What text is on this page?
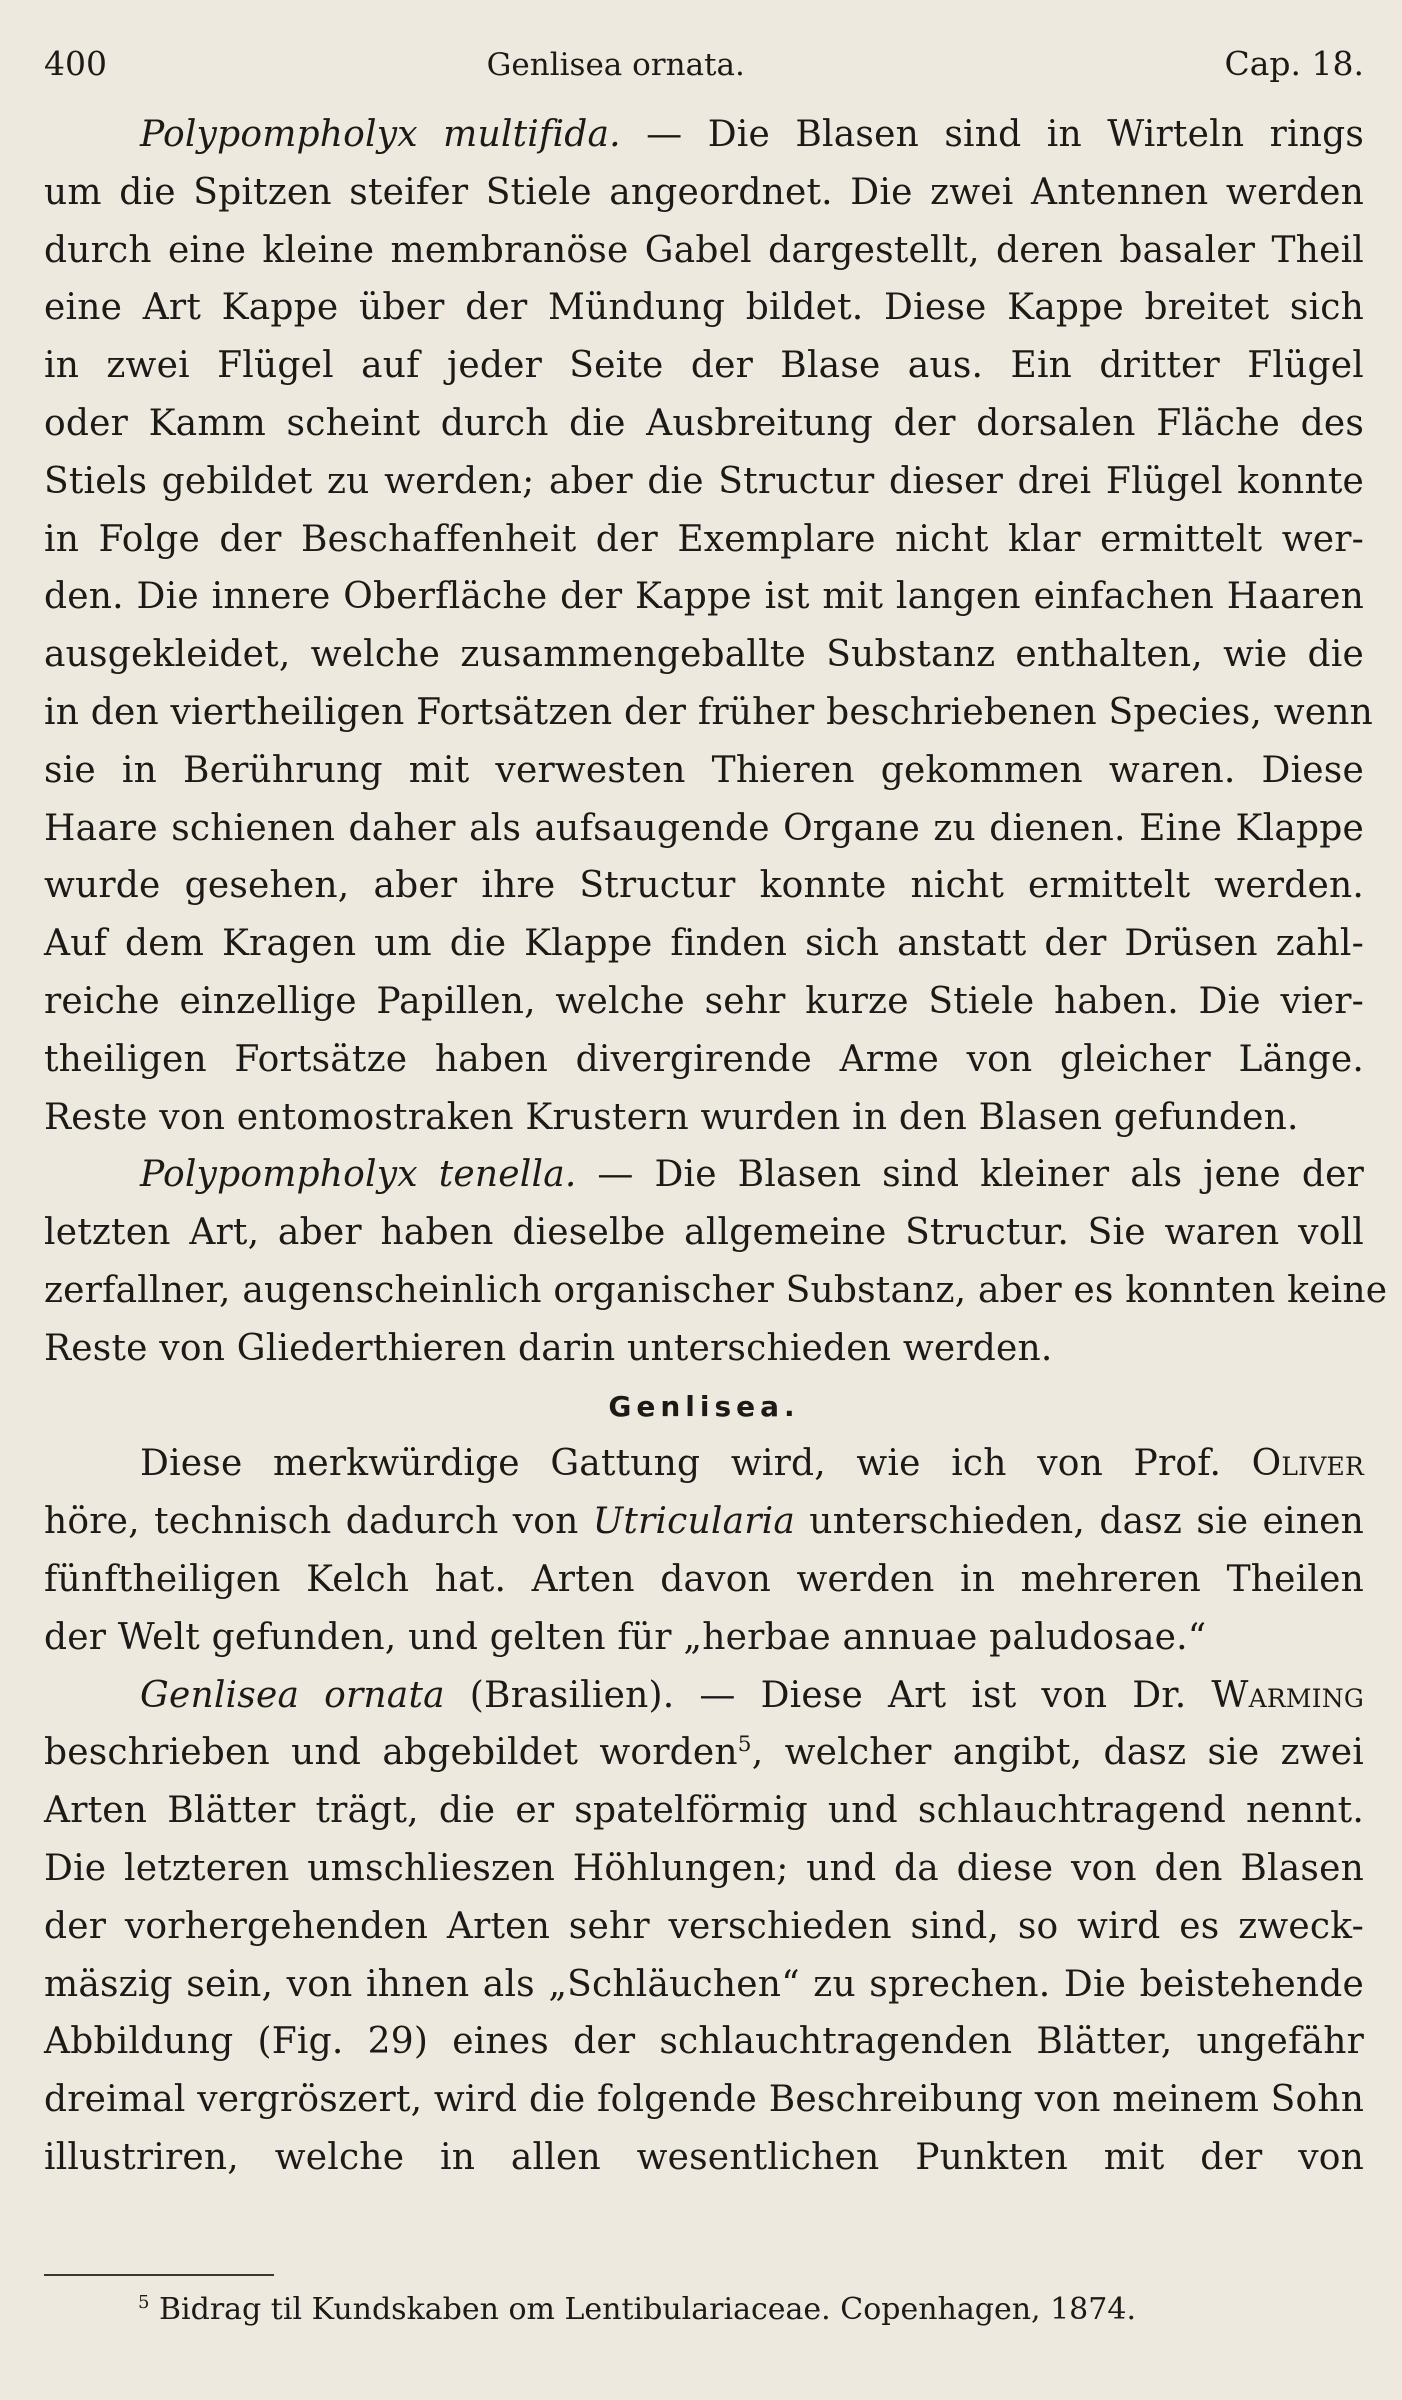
400	Genlisea ornata.	Cap. 18.
Polypompholyx multifida. — Die Blasen sind in Wirteln rings
um die Spitzen steifer Stiele angeordnet. Die zwei Antennen werden
durch eine kleine membranöse Gabel dargestellt, deren basaler Theil
eine Art Kappe über der Mündung bildet. Diese Kappe breitet sich
in zwei Flügel auf jeder Seite der Blase aus. Ein dritter Flügel
oder Kamm scheint durch die Ausbreitung der dorsalen Fläche des
Stiels gebildet zu werden; aber die Structur dieser drei Flügel konnte
in Folge der Beschaffenheit der Exemplare nicht klar ermittelt wer-
den. Die innere Oberfläche der Kappe ist mit langen einfachen Haaren
ausgekleidet, welche zusammengeballte Substanz enthalten, wie die
in den viertheiligen Fortsätzen der früher beschriebenen Species, wenn
sie in Berührung mit verwesten Thieren gekommen waren. Diese
Haare schienen daher als aufsaugende Organe zu dienen. Eine Klappe
wurde gesehen, aber ihre Structur konnte nicht ermittelt werden.
Auf dem Kragen um die Klappe finden sich anstatt der Drüsen zahl-
reiche einzellige Papillen, welche sehr kurze Stiele haben. Die vier-
theiligen Fortsätze haben divergirende Arme von gleicher Länge.
Reste von entomostraken Krustern wurden in den Blasen gefunden.
Polypompholyx tenella. — Die Blasen sind kleiner als jene der
letzten Art, aber haben dieselbe allgemeine Structur. Sie waren voll
zerfallner, augenscheinlich organischer Substanz, aber es konnten keine
Reste von Gliederthieren darin unterschieden werden.
Genlisea.
Diese merkwürdige Gattung wird, wie ich von Prof. Oliver
höre, technisch dadurch von Utricularia unterschieden, dasz sie einen
fünftheiligen Kelch hat. Arten davon werden in mehreren Theilen
der Welt gefunden, und gelten für „herbae annuae paludosae.“
Genlisea ornata (Brasilien). — Diese Art ist von Dr. Warming
beschrieben und abgebildet worden$^5$, welcher angibt, dasz sie zwei
Arten Blätter trägt, die er spatelförmig und schlauchtragend nennt.
Die letzteren umschlieszen Höhlungen; und da diese von den Blasen
der vorhergehenden Arten sehr verschieden sind, so wird es zweck-
mäszig sein, von ihnen als „Schläuchen“ zu sprechen. Die beistehende
Abbildung (Fig. 29) eines der schlauchtragenden Blätter, ungefähr
dreimal vergröszert, wird die folgende Beschreibung von meinem Sohn
illustriren, welche in allen wesentlichen Punkten mit der von
$^5$ Bidrag til Kundskaben om Lentibulariaceae. Copenhagen, 1874.
